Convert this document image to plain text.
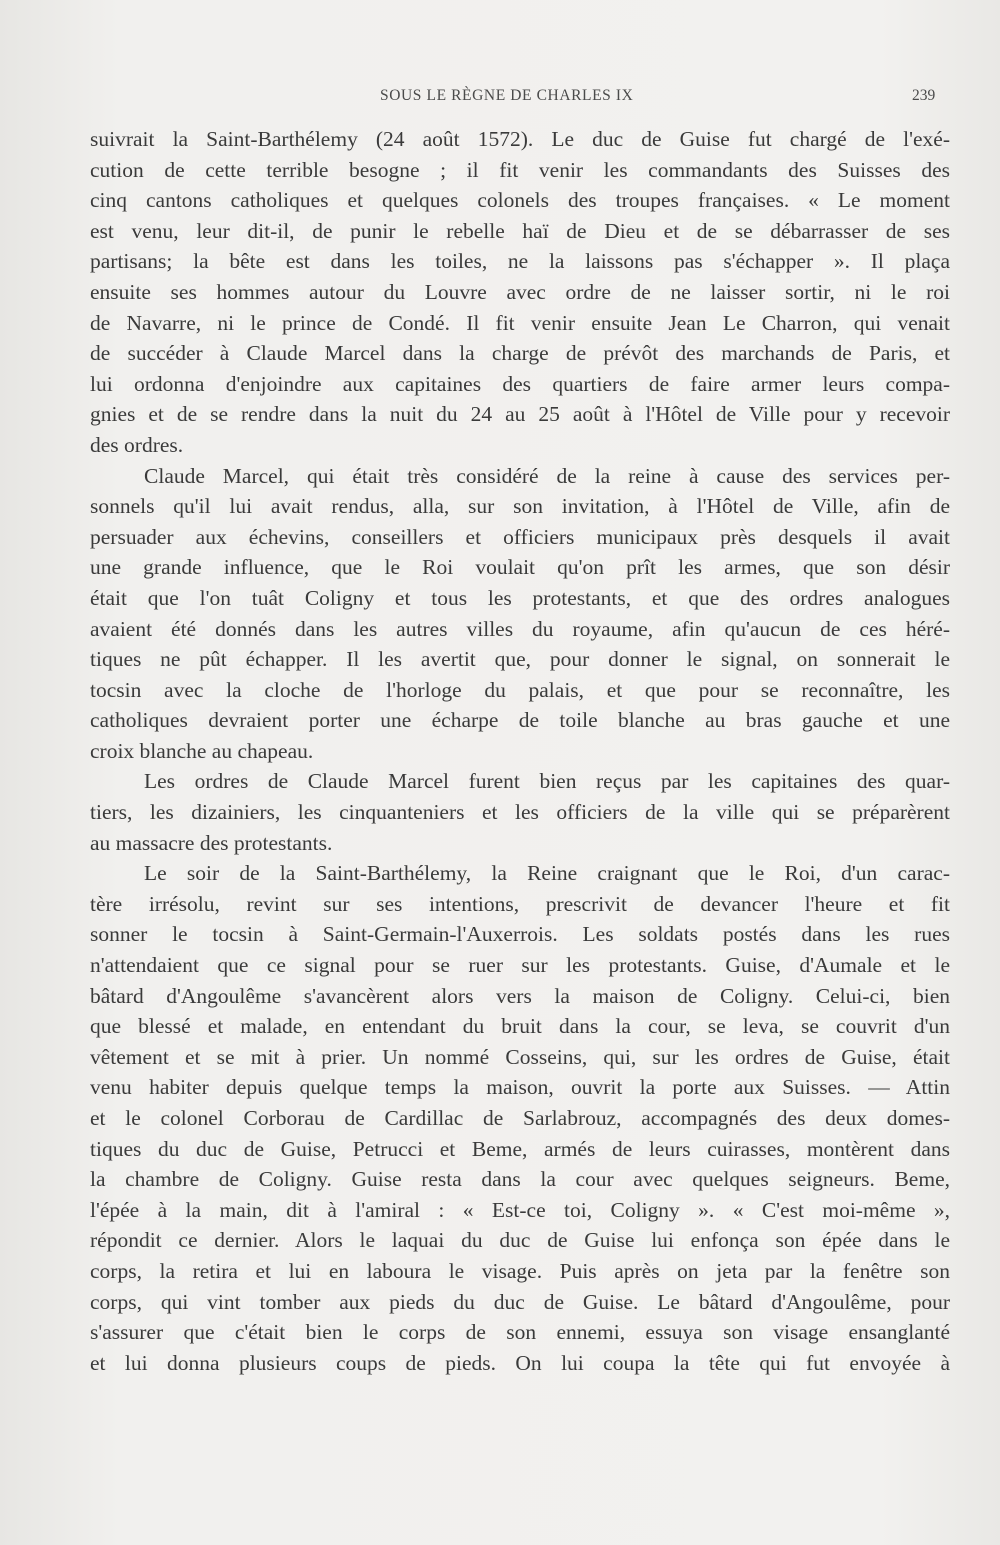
SOUS LE RÈGNE DE CHARLES IX	239
suivrait la Saint-Barthélemy (24 août 1572). Le duc de Guise fut chargé de l'exé-
cution de cette terrible besogne ; il fit venir les commandants des Suisses des
cinq cantons catholiques et quelques colonels des troupes françaises. « Le moment
est venu, leur dit-il, de punir le rebelle haï de Dieu et de se débarrasser de ses
partisans; la bête est dans les toiles, ne la laissons pas s'échapper ». Il plaça
ensuite ses hommes autour du Louvre avec ordre de ne laisser sortir, ni le roi
de Navarre, ni le prince de Condé. Il fit venir ensuite Jean Le Charron, qui venait
de succéder à Claude Marcel dans la charge de prévôt des marchands de Paris, et
lui ordonna d'enjoindre aux capitaines des quartiers de faire armer leurs compa-
gnies et de se rendre dans la nuit du 24 au 25 août à l'Hôtel de Ville pour y recevoir
des ordres.
Claude Marcel, qui était très considéré de la reine à cause des services per-
sonnels qu'il lui avait rendus, alla, sur son invitation, à l'Hôtel de Ville, afin de
persuader aux échevins, conseillers et officiers municipaux près desquels il avait
une grande influence, que le Roi voulait qu'on prît les armes, que son désir
était que l'on tuât Coligny et tous les protestants, et que des ordres analogues
avaient été donnés dans les autres villes du royaume, afin qu'aucun de ces héré-
tiques ne pût échapper. Il les avertit que, pour donner le signal, on sonnerait le
tocsin avec la cloche de l'horloge du palais, et que pour se reconnaître, les
catholiques devraient porter une écharpe de toile blanche au bras gauche et une
croix blanche au chapeau.
Les ordres de Claude Marcel furent bien reçus par les capitaines des quar-
tiers, les dizainiers, les cinquanteniers et les officiers de la ville qui se préparèrent
au massacre des protestants.
Le soir de la Saint-Barthélemy, la Reine craignant que le Roi, d'un carac-
tère irrésolu, revint sur ses intentions, prescrivit de devancer l'heure et fit
sonner le tocsin à Saint-Germain-l'Auxerrois. Les soldats postés dans les rues
n'attendaient que ce signal pour se ruer sur les protestants. Guise, d'Aumale et le
bâtard d'Angoulême s'avancèrent alors vers la maison de Coligny. Celui-ci, bien
que blessé et malade, en entendant du bruit dans la cour, se leva, se couvrit d'un
vêtement et se mit à prier. Un nommé Cosseins, qui, sur les ordres de Guise, était
venu habiter depuis quelque temps la maison, ouvrit la porte aux Suisses. — Attin
et le colonel Corborau de Cardillac de Sarlabrouz, accompagnés des deux domes-
tiques du duc de Guise, Petrucci et Beme, armés de leurs cuirasses, montèrent dans
la chambre de Coligny. Guise resta dans la cour avec quelques seigneurs. Beme,
l'épée à la main, dit à l'amiral : « Est-ce toi, Coligny ». « C'est moi-même »,
répondit ce dernier. Alors le laquai du duc de Guise lui enfonça son épée dans le
corps, la retira et lui en laboura le visage. Puis après on jeta par la fenêtre son
corps, qui vint tomber aux pieds du duc de Guise. Le bâtard d'Angoulême, pour
s'assurer que c'était bien le corps de son ennemi, essuya son visage ensanglanté
et lui donna plusieurs coups de pieds. On lui coupa la tête qui fut envoyée à
